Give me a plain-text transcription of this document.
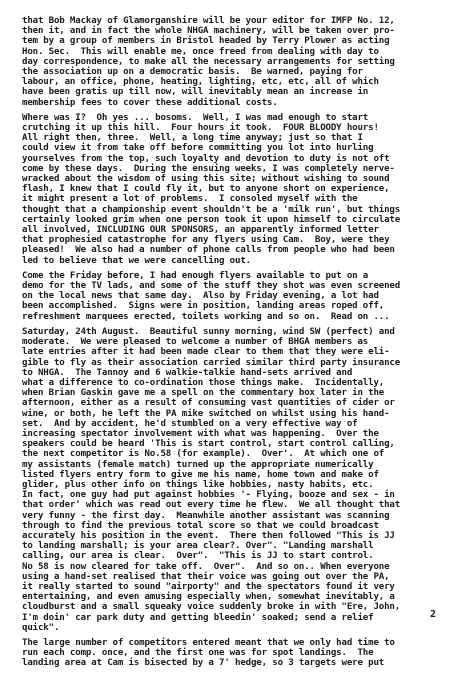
that Bob Mackay of Glamorganshire will be your editor for IMFP No. 12,
then it, and in fact the whole NHGA machinery, will be taken over pro-
tem by a group of members in Bristol headed by Terry Plower as acting
Hon. Sec.  This will enable me, once freed from dealing with day to
day correspondence, to make all the necessary arrangements for setting
the association up on a democratic basis.  Be warned, paying for
labour, an office, phone, heating, lighting, etc, etc, all of which
have been gratis up till now, will inevitably mean an increase in
membership fees to cover these additional costs.
Where was I?  Oh yes ... bosoms.  Well, I was mad enough to start
crutching it up this hill.  Four hours it took.  FOUR BLOODY hours!
All right then, three.  Well, a long time anyway; just so that I
could view it from take off before committing you lot into hurling
yourselves from the top, such loyalty and devotion to duty is not oft
come by these days.  During the ensuing weeks, I was completely nerve-
wracked about the wisdom of using this site; without wishing to sound
flash, I knew that I could fly it, but to anyone short on experience,
it might present a lot of problems.  I consoled myself with the
thought that a championship event shouldn't be a 'milk run', but things
certainly looked grim when one person took it upon himself to circulate
all involved, INCLUDING OUR SPONSORS, an apparently informed letter
that prophesied catastrophe for any flyers using Cam.  Boy, were they
pleased!  We also had a number of phone calls from people who had been
led to believe that we were cancelling out.
Come the Friday before, I had enough flyers available to put on a
demo for the TV lads, and some of the stuff they shot was even screened
on the local news that same day.  Also by Friday evening, a lot had
been accomplished.  Signs were in position, landing areas roped off,
refreshment marquees erected, toilets working and so on.  Read on ...
Saturday, 24th August.  Beautiful sunny morning, wind SW (perfect) and
moderate.  We were pleased to welcome a number of BHGA members as
late entries after it had been made clear to them that they were eli-
gible to fly as their association carried similar third party insurance
to NHGA.  The Tannoy and 6 walkie-talkie hand-sets arrived and
what a difference to co-ordination those things make.  Incidentally,
when Brian Gaskin gave me a spell on the commentary box later in the
afternoon, either as a result of consuming vast quantities of cider or
wine, or both, he left the PA mike switched on whilst using his hand-
set.  And by accident, he'd stumbled on a very effective way of
increasing spectator involvement with what was happening.  Over the
speakers could be heard 'This is start control, start control calling,
the next competitor is No.58 (for example).  Over'.  At which one of
my assistants (female match) turned up the appropriate numerically
listed flyers entry form to give me his name, home town and make of
glider, plus other info on things like hobbies, nasty habits, etc.
In fact, one guy had put against hobbies '- Flying, booze and sex - in
that order' which was read out every time he flew.  We all thought that
very funny - the first day.  Meanwhile another assistant was scanning
through to find the previous total score so that we could broadcast
accurately his position in the event.  There then followed "This is JJ
to landing marshall; is your area clear?. Over". "Landing marshall
calling, our area is clear.  Over".  "This is JJ to start control.
No 58 is now cleared for take off.  Over".  And so on.. When everyone
using a hand-set realised that their voice was going out over the PA,
it really started to sound "airporty" and the spectators found it very
entertaining, and even amusing especially when, somewhat inevitably, a
cloudburst and a small squeaky voice suddenly broke in with "Ere, John,
I'm doin' car park duty and getting bleedin' soaked; send a relief
quick".
The large number of competitors entered meant that we only had time to
run each comp. once, and the first one was for spot landings.  The
landing area at Cam is bisected by a 7' hedge, so 3 targets were put
2
